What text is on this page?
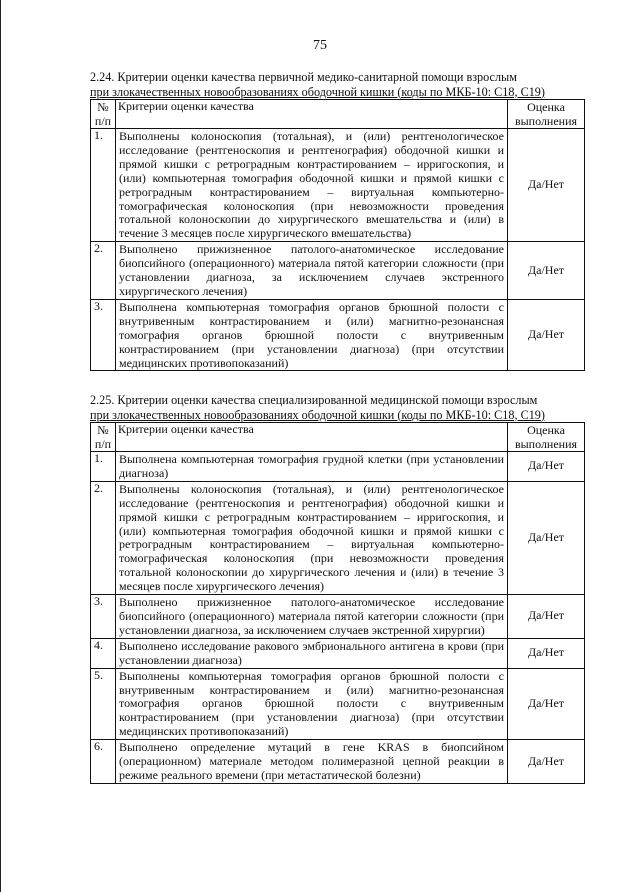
75
2.24. Критерии оценки качества первичной медико-санитарной помощи взрослым
при злокачественных новообразованиях ободочной кишки (коды по МКБ-10: C18, C19)
№ п/п	Критерии оценки качества	Оценка выполнения
1.	Выполнены колоноскопия (тотальная), и (или) рентгенологическое исследование (рентгеноскопия и рентгенография) ободочной кишки и прямой кишки с ретроградным контрастированием – ирригоскопия, и (или) компьютерная томография ободочной кишки и прямой кишки с ретроградным контрастированием – виртуальная компьютерно-томографическая колоноскопия (при невозможности проведения тотальной колоноскопии до хирургического вмешательства и (или) в течение 3 месяцев после хирургического вмешательства)	Да/Нет
2.	Выполнено прижизненное патолого-анатомическое исследование биопсийного (операционного) материала пятой категории сложности (при установлении диагноза, за исключением случаев экстренного хирургического лечения)	Да/Нет
3.	Выполнена компьютерная томография органов брюшной полости с внутривенным контрастированием и (или) магнитно-резонансная томография органов брюшной полости с внутривенным контрастированием (при установлении диагноза) (при отсутствии медицинских противопоказаний)	Да/Нет
2.25. Критерии оценки качества специализированной медицинской помощи взрослым
при злокачественных новообразованиях ободочной кишки (коды по МКБ-10: C18, C19)
№ п/п	Критерии оценки качества	Оценка выполнения
1.	Выполнена компьютерная томография грудной клетки (при установлении диагноза)	Да/Нет
2.	Выполнены колоноскопия (тотальная), и (или) рентгенологическое исследование (рентгеноскопия и рентгенография) ободочной кишки и прямой кишки с ретроградным контрастированием – ирригоскопия, и (или) компьютерная томография ободочной кишки и прямой кишки с ретроградным контрастированием – виртуальная компьютерно-томографическая колоноскопия (при невозможности проведения тотальной колоноскопии до хирургического лечения и (или) в течение 3 месяцев после хирургического лечения)	Да/Нет
3.	Выполнено прижизненное патолого-анатомическое исследование биопсийного (операционного) материала пятой категории сложности (при установлении диагноза, за исключением случаев экстренной хирургии)	Да/Нет
4.	Выполнено исследование ракового эмбрионального антигена в крови (при установлении диагноза)	Да/Нет
5.	Выполнены компьютерная томография органов брюшной полости с внутривенным контрастированием и (или) магнитно-резонансная томография органов брюшной полости с внутривенным контрастированием (при установлении диагноза) (при отсутствии медицинских противопоказаний)	Да/Нет
6.	Выполнено определение мутаций в гене KRAS в биопсийном (операционном) материале методом полимеразной цепной реакции в режиме реального времени (при метастатической болезни)	Да/Нет
